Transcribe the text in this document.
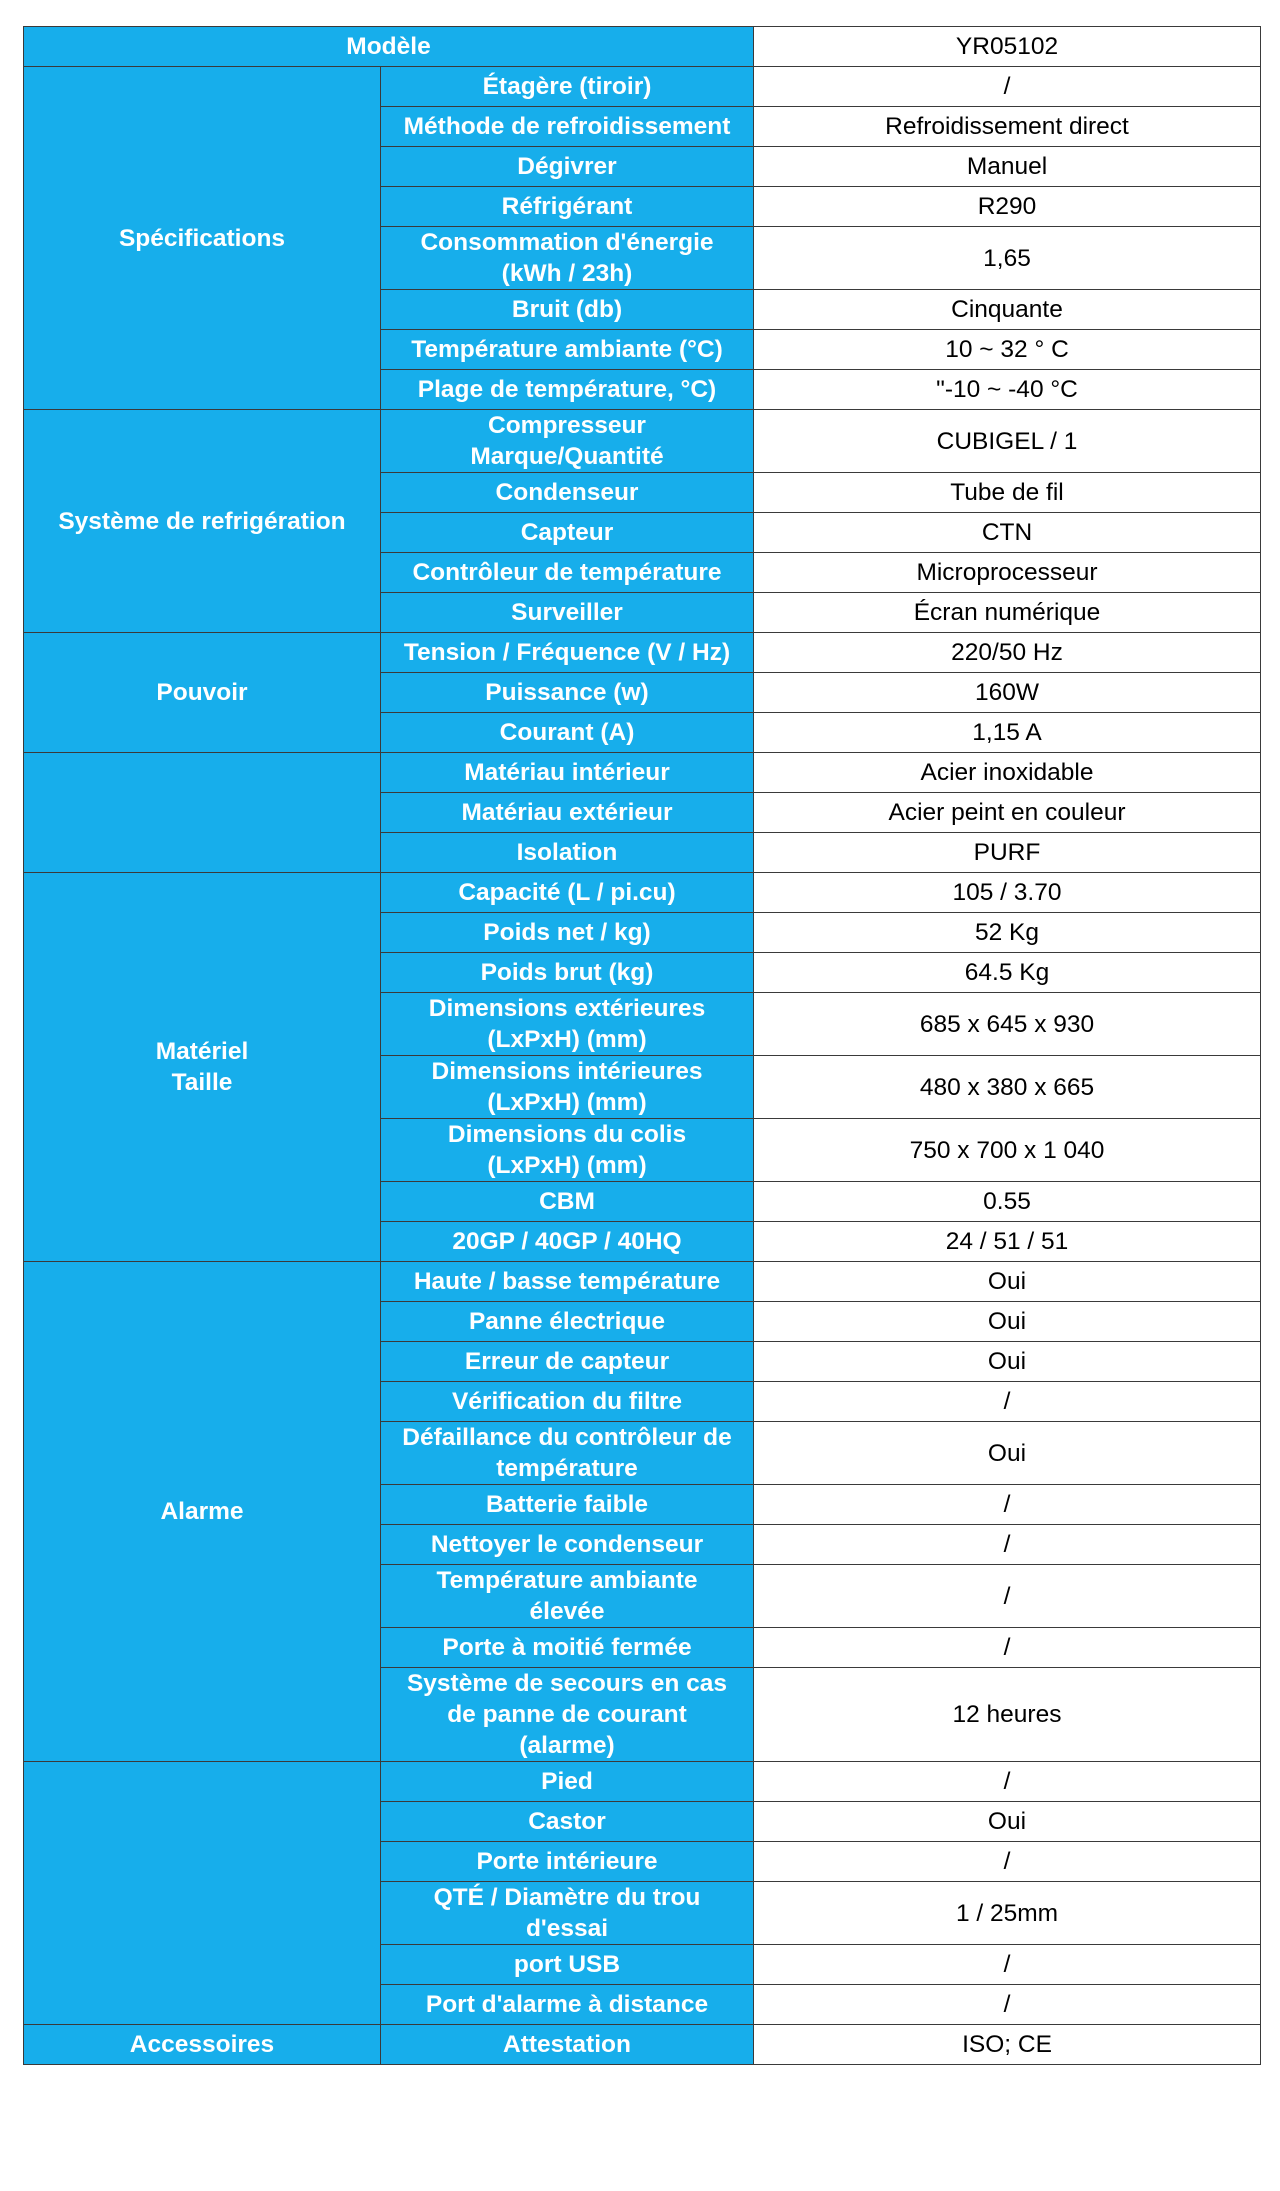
Modèle		YR05102
Spécifications	Étagère (tiroir)	/
	Méthode de refroidissement	Refroidissement direct
	Dégivrer	Manuel
	Réfrigérant	R290
	Consommation d'énergie
(kWh / 23h)	1,65
	Bruit (db)	Cinquante
	Température ambiante (°C)	10 ~ 32 ° C
	Plage de température, °C)	"-10 ~ -40 °C
Système de refrigération	Compresseur
Marque/Quantité	CUBIGEL / 1
	Condenseur	Tube de fil
	Capteur	CTN
	Contrôleur de température	Microprocesseur
	Surveiller	Écran numérique
Pouvoir	Tension / Fréquence (V / Hz)	220/50 Hz
	Puissance (w)	160W
	Courant (A)	1,15 A
	Matériau intérieur	Acier inoxidable
	Matériau extérieur	Acier peint en couleur
	Isolation	PURF
Matériel
Taille	Capacité (L / pi.cu)	105 / 3.70
	Poids net / kg)	52 Kg
	Poids brut (kg)	64.5 Kg
	Dimensions extérieures
(LxPxH) (mm)	685 x 645 x 930
	Dimensions intérieures
(LxPxH) (mm)	480 x 380 x 665
	Dimensions du colis
(LxPxH) (mm)	750 x 700 x 1 040
	CBM	0.55
	20GP / 40GP / 40HQ	24 / 51 / 51
Alarme	Haute / basse température	Oui
	Panne électrique	Oui
	Erreur de capteur	Oui
	Vérification du filtre	/
	Défaillance du contrôleur de
température	Oui
	Batterie faible	/
	Nettoyer le condenseur	/
	Température ambiante
élevée	/
	Porte à moitié fermée	/
	Système de secours en cas
de panne de courant
(alarme)	12 heures
	Pied	/
	Castor	Oui
	Porte intérieure	/
	QTÉ / Diamètre du trou
d'essai	1 / 25mm
	port USB	/
	Port d'alarme à distance	/
Accessoires	Attestation	ISO; CE
